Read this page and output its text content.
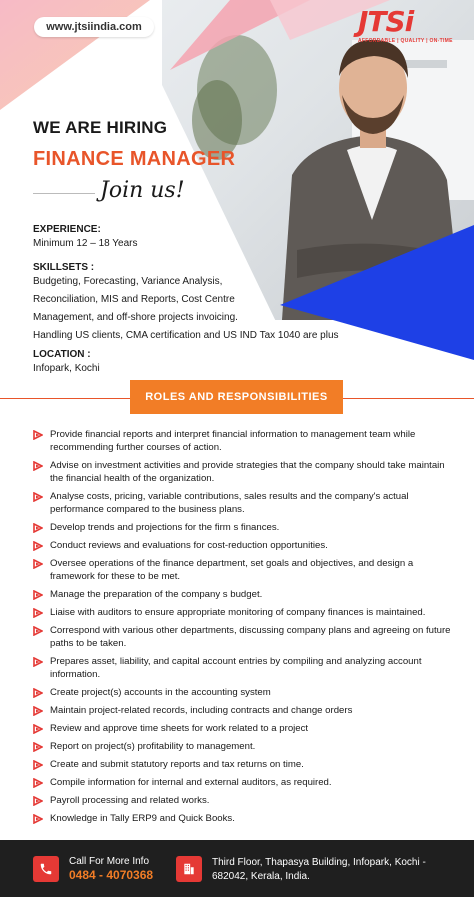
www.jtsiindia.com	JTSi
AFFORDABLE | QUALITY | ON-TIME
WE ARE HIRING
FINANCE MANAGER
Join us!
EXPERIENCE:
Minimum 12 – 18 Years
SKILLSETS :
Budgeting, Forecasting, Variance Analysis,
Reconciliation, MIS and Reports, Cost Centre
Management, and off-shore projects invoicing.
Handling US clients, CMA certification and US IND Tax 1040 are plus
LOCATION :
Infopark, Kochi
ROLES AND RESPONSIBILITIES
Provide financial reports and interpret financial information to management team while recommending further courses of action.
Advise on investment activities and provide strategies that the company should take maintain the financial health of the organization.
Analyse costs, pricing, variable contributions, sales results and the company's actual performance compared to the business plans.
Develop trends and projections for the firm s finances.
Conduct reviews and evaluations for cost-reduction opportunities.
Oversee operations of the finance department, set goals and objectives, and design a framework for these to be met.
Manage the preparation of the company s budget.
Liaise with auditors to ensure appropriate monitoring of company finances is maintained.
Correspond with various other departments, discussing company plans and agreeing on future paths to be taken.
Prepares asset, liability, and capital account entries by compiling and analyzing account information.
Create project(s) accounts in the accounting system
Maintain project-related records, including contracts and change orders
Review and approve time sheets for work related to a project
Report on project(s) profitability to management.
Create and submit statutory reports and tax returns on time.
Compile information for internal and external auditors, as required.
Payroll processing and related works.
Knowledge in Tally ERP9 and Quick Books.
Call For More Info
0484 - 4070368
Third Floor, Thapasya Building, Infopark, Kochi - 682042, Kerala, India.
